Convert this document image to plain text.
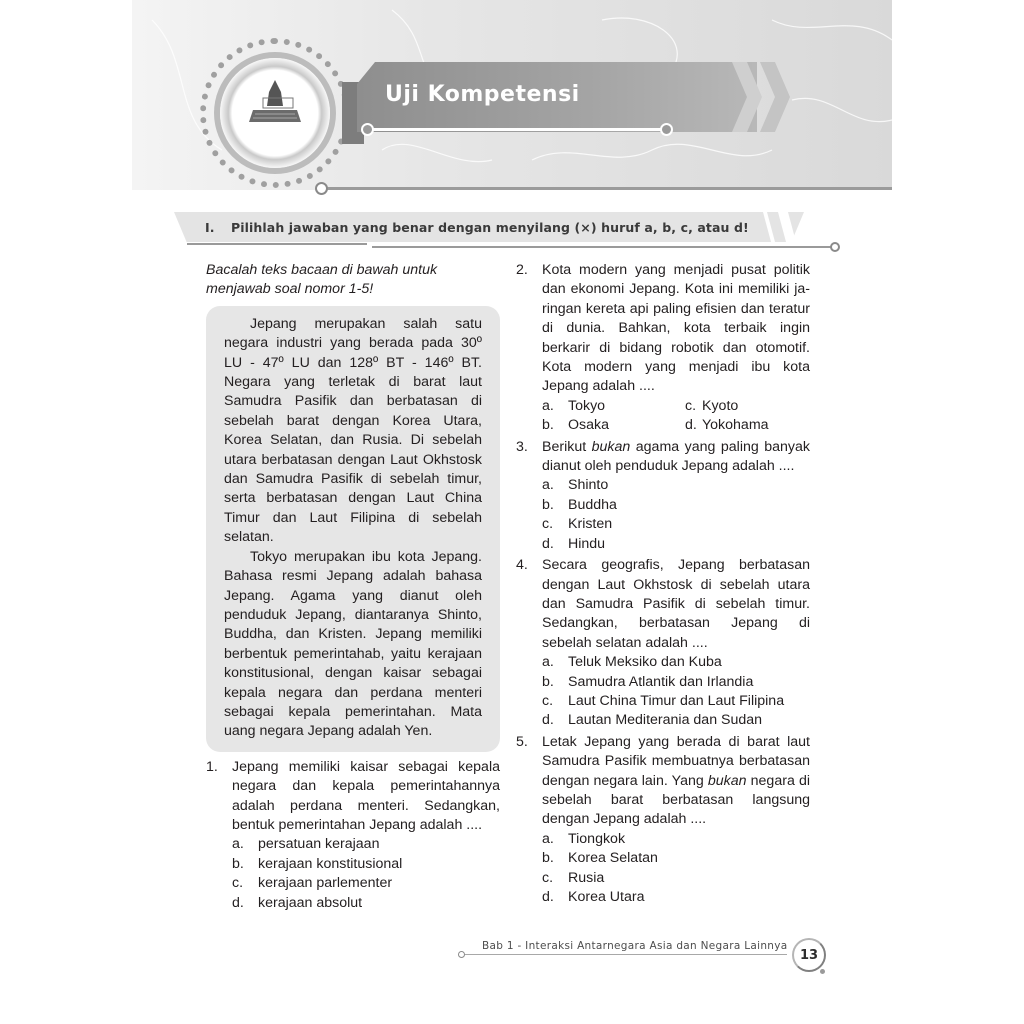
Uji Kompetensi
I. Pilihlah jawaban yang benar dengan menyilang (×) huruf a, b, c, atau d!

Bacalah teks bacaan di bawah untuk menjawab soal nomor 1-5!

Jepang merupakan salah satu negara industri yang berada pada 30º LU - 47º LU dan 128º BT - 146º BT. Negara yang terletak di barat laut Samudra Pasifik dan berbatasan di sebelah barat dengan Korea Utara, Korea Selatan, dan Rusia. Di sebelah utara berbatasan dengan Laut Okhstosk dan Samudra Pasifik di sebelah timur, serta berbatasan dengan Laut China Timur dan Laut Filipina di sebelah selatan.

Tokyo merupakan ibu kota Jepang. Bahasa resmi Jepang adalah bahasa Jepang. Agama yang dianut oleh penduduk Jepang, diantaranya Shinto, Buddha, dan Kristen. Jepang memiliki berbentuk pemerintahab, yaitu kerajaan konstitusional, dengan kaisar sebagai kepala negara dan perdana menteri sebagai kepala pemerintahan. Mata uang negara Jepang adalah Yen.

1. Jepang memiliki kaisar sebagai kepala negara dan kepala pemerintahannya adalah perdana menteri. Sedangkan, bentuk pemerintahan Jepang adalah ....
a. persatuan kerajaan
b. kerajaan konstitusional
c.	kerajaan parlementer
d. kerajaan absolut
2. Kota modern yang menjadi pusat politik dan ekonomi Jepang. Kota ini memiliki ja-ringan kereta api paling efisien dan teratur di dunia. Bahkan, kota terbaik ingin berkarir di bidang robotik dan otomotif. Kota modern yang menjadi ibu kota Jepang adalah ....
a. Tokyo	c. Kyoto
b. Osaka	d. Yokohama
3. Berikut bukan agama yang paling banyak dianut oleh penduduk Jepang adalah ....
a. Shinto
b. Buddha
c.	Kristen
d. Hindu
4. Secara geografis, Jepang berbatasan dengan Laut Okhstosk di sebelah utara dan Samudra Pasifik di sebelah timur. Sedangkan, berbatasan Jepang di sebelah selatan adalah ....
a. Teluk Meksiko dan Kuba
b. Samudra Atlantik dan Irlandia
c.	Laut China Timur dan Laut Filipina
d. Lautan Mediterania dan Sudan
5. Letak Jepang yang berada di barat laut Samudra Pasifik membuatnya berbatasan dengan negara lain. Yang bukan negara di sebelah barat berbatasan langsung dengan Jepang adalah ....
a. Tiongkok
b. Korea Selatan
c.	Rusia
d. Korea Utara
Bab 1 - Interaksi Antarnegara Asia dan Negara Lainnya
13
